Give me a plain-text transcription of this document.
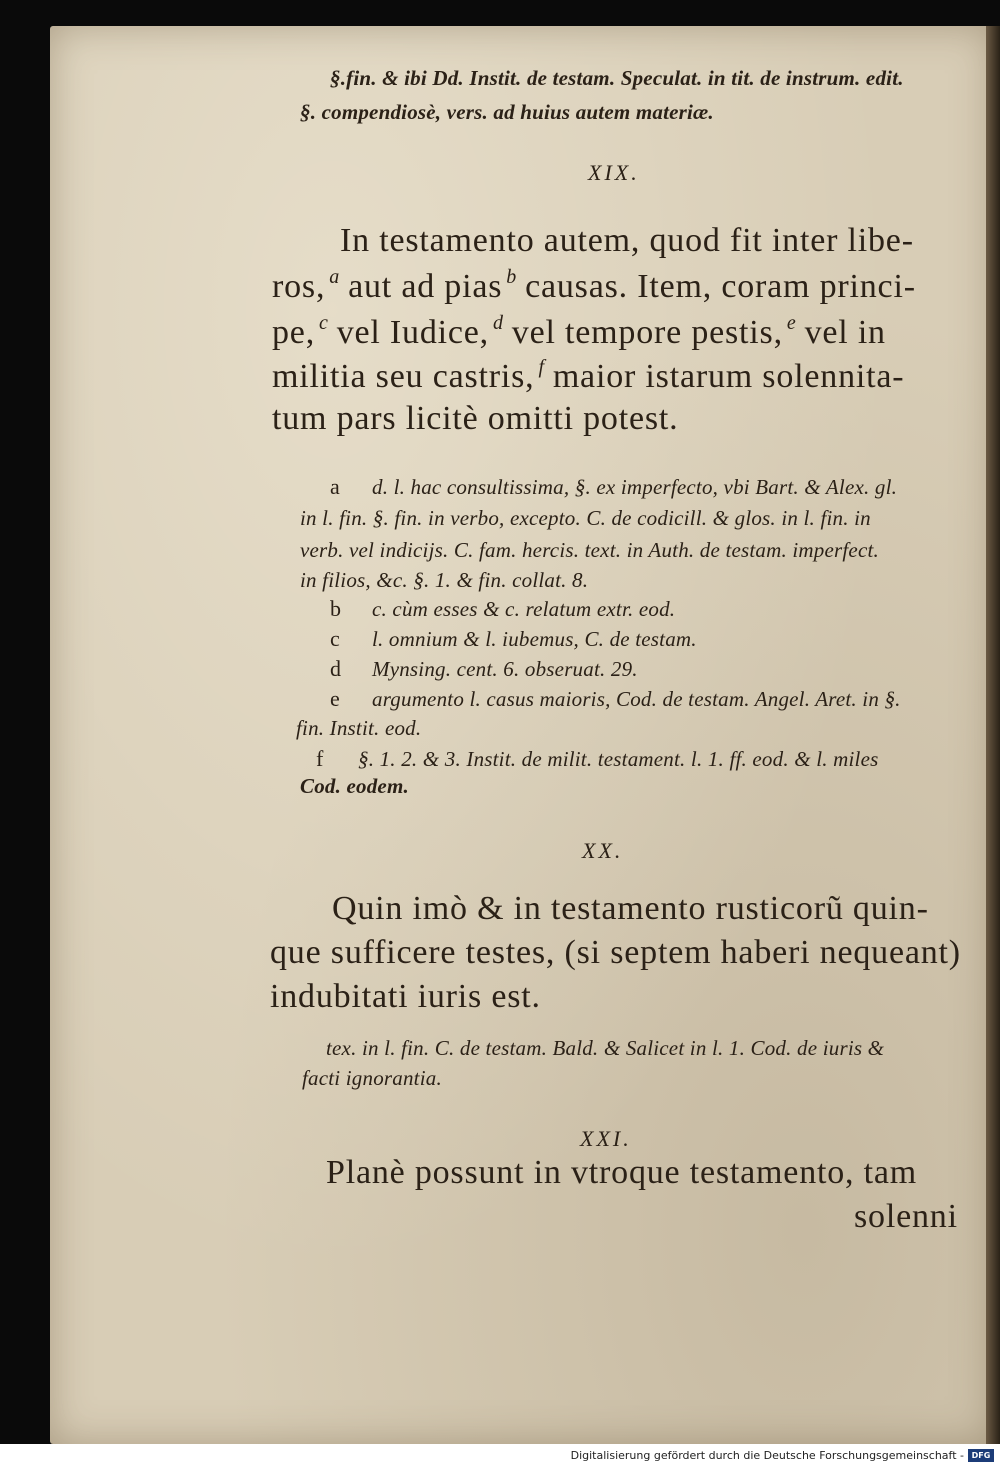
§.fin. & ibi Dd. Instit. de testam. Speculat. in tit. de instrum. edit.

§. compendiosè, vers. ad huius autem materiæ.

XIX.

In testamento autem, quod fit inter libe-

ros, $^a$ aut ad pias $^b$ causas. Item, coram princi-

pe, $^c$ vel Iudice, $^d$ vel tempore pestis, $^e$ vel in

militia seu castris, $^f$ maior istarum solennita-

tum pars licitè omitti potest.

a d. l. hac consultissima, §. ex imperfecto, vbi Bart. & Alex. gl.

in l. fin. §. fin. in verbo, excepto. C. de codicill. & glos. in l. fin. in

verb. vel indicijs. C. fam. hercis. text. in Auth. de testam. imperfect.

in filios, &c. §. 1. & fin. collat. 8.

b c. cùm esses & c. relatum extr. eod.

c l. omnium & l. iubemus, C. de testam.

d Mynsing. cent. 6. obseruat. 29.

e argumento l. casus maioris, Cod. de testam. Angel. Aret. in §.

fin. Instit. eod.

f §. 1. 2. & 3. Instit. de milit. testament. l. 1. ff. eod. & l. miles

Cod. eodem.

XX.

Quin imò & in testamento rusticorũ quin-

que sufficere testes, (si septem haberi nequeant)

indubitati iuris est.

tex. in l. fin. C. de testam. Bald. & Salicet in l. 1. Cod. de iuris &

facti ignorantia.

XXI.

Planè possunt in vtroque testamento, tam

solenni

Digitalisierung gefördert durch die Deutsche Forschungsgemeinschaft - DFG
